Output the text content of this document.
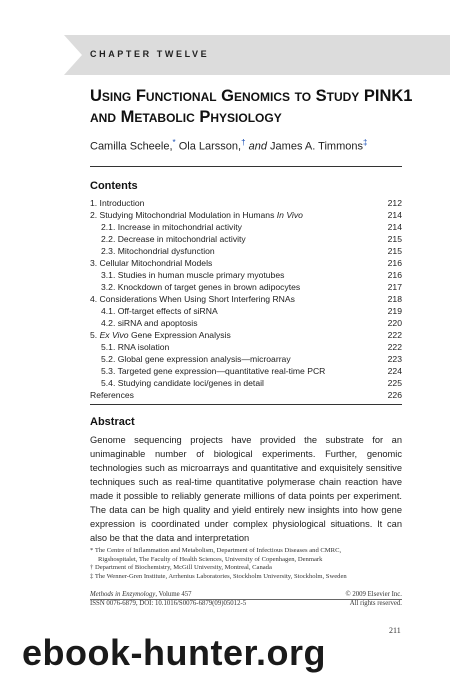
CHAPTER TWELVE
Using Functional Genomics to Study PINK1 and Metabolic Physiology
Camilla Scheele,* Ola Larsson,† and James A. Timmons‡
Contents
1. Introduction	212
2. Studying Mitochondrial Modulation in Humans In Vivo	214
2.1. Increase in mitochondrial activity	214
2.2. Decrease in mitochondrial activity	215
2.3. Mitochondrial dysfunction	215
3. Cellular Mitochondrial Models	216
3.1. Studies in human muscle primary myotubes	216
3.2. Knockdown of target genes in brown adipocytes	217
4. Considerations When Using Short Interfering RNAs	218
4.1. Off-target effects of siRNA	219
4.2. siRNA and apoptosis	220
5. Ex Vivo Gene Expression Analysis	222
5.1. RNA isolation	222
5.2. Global gene expression analysis—microarray	223
5.3. Targeted gene expression—quantitative real-time PCR	224
5.4. Studying candidate loci/genes in detail	225
References	226
Abstract
Genome sequencing projects have provided the substrate for an unimaginable number of biological experiments. Further, genomic technologies such as microarrays and quantitative and exquisitely sensitive techniques such as real-time quantitative polymerase chain reaction have made it possible to reliably generate millions of data points per experiment. The data can be high quality and yield entirely new insights into how gene expression is coordinated under complex physiological situations. It can also be that the data and interpretation
* The Centre of Inflammation and Metabolism, Department of Infectious Diseases and CMRC,
Rigshospitalet, The Faculty of Health Sciences, University of Copenhagen, Denmark
† Department of Biochemistry, McGill University, Montreal, Canada
‡ The Wenner-Gren Institute, Arrhenius Laboratories, Stockholm University, Stockholm, Sweden
Methods in Enzymology, Volume 457	© 2009 Elsevier Inc.
ISSN 0076-6879, DOI: 10.1016/S0076-6879(09)05012-5	All rights reserved.
211
ebook-hunter.org
